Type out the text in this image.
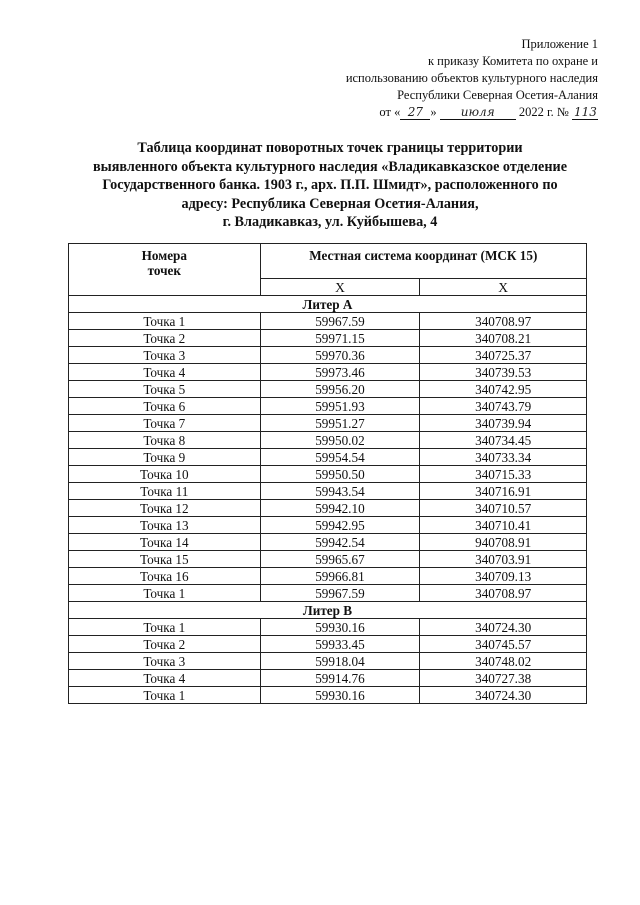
Приложение 1
к приказу Комитета по охране и
использованию объектов культурного наследия
Республики Северная Осетия-Алания
от « 27 » июля 2022 г. № 113
Таблица координат поворотных точек границы территории
выявленного объекта культурного наследия «Владикавказское отделение
Государственного банка. 1903 г., арх. П.П. Шмидт», расположенного по
адресу: Республика Северная Осетия-Алания,
г. Владикавказ, ул. Куйбышева, 4
Номера
точек	Местная система координат (МСК 15)	
	X	X
Литер А		
Точка 1	59967.59	340708.97
Точка 2	59971.15	340708.21
Точка 3	59970.36	340725.37
Точка 4	59973.46	340739.53
Точка 5	59956.20	340742.95
Точка 6	59951.93	340743.79
Точка 7	59951.27	340739.94
Точка 8	59950.02	340734.45
Точка 9	59954.54	340733.34
Точка 10	59950.50	340715.33
Точка 11	59943.54	340716.91
Точка 12	59942.10	340710.57
Точка 13	59942.95	340710.41
Точка 14	59942.54	940708.91
Точка 15	59965.67	340703.91
Точка 16	59966.81	340709.13
Точка 1	59967.59	340708.97
Литер В		
Точка 1	59930.16	340724.30
Точка 2	59933.45	340745.57
Точка 3	59918.04	340748.02
Точка 4	59914.76	340727.38
Точка 1	59930.16	340724.30
